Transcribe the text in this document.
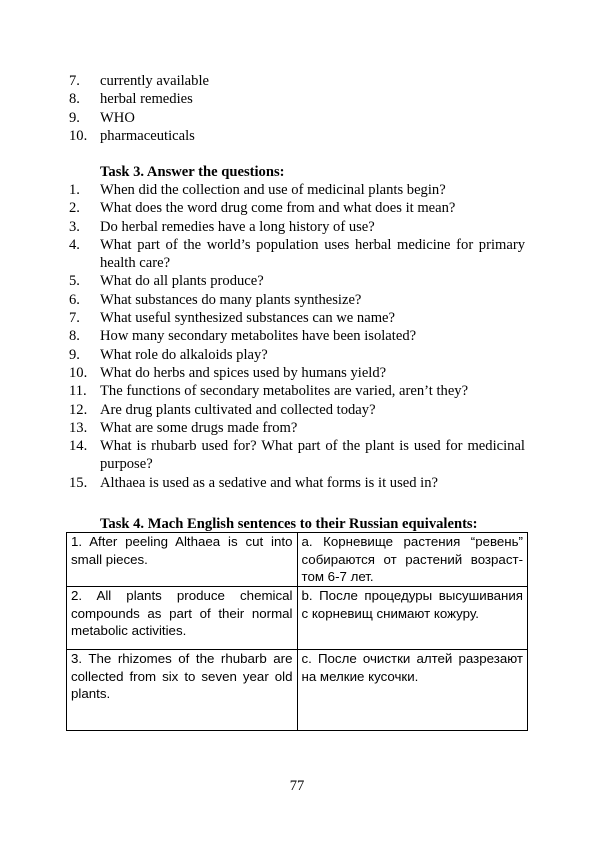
7. currently available
8. herbal remedies
9. WHO
10. pharmaceuticals
Task 3. Answer the questions:
1. When did the collection and use of medicinal plants begin?
2. What does the word drug come from and what does it mean?
3. Do herbal remedies have a long history of use?
4. What part of the world’s population uses herbal medicine for primary health care?
5. What do all plants produce?
6. What substances do many plants synthesize?
7. What useful synthesized substances can we name?
8. How many secondary metabolites have been isolated?
9. What role do alkaloids play?
10. What do herbs and spices used by humans yield?
11. The functions of secondary metabolites are varied, aren’t they?
12. Are drug plants cultivated and collected today?
13. What are some drugs made from?
14. What is rhubarb used for? What part of the plant is used for medicinal purpose?
15. Althaea is used as a sedative and what forms is it used in?
Task 4. Mach English sentences to their Russian equivalents:
1. After peeling Althaea is cut into small pieces.	a. Корневище растения “ревень” собираются от растений возрасттом 6-7 лет.
2. All plants produce chemical compounds as part of their normal metabolic activities.	b. После процедуры высушивания с корневищ снимают кожуру.
3. The rhizomes of the rhubarb are collected from six to seven year old plants.	c. После очистки алтей разрезают на мелкие кусочки.
77
